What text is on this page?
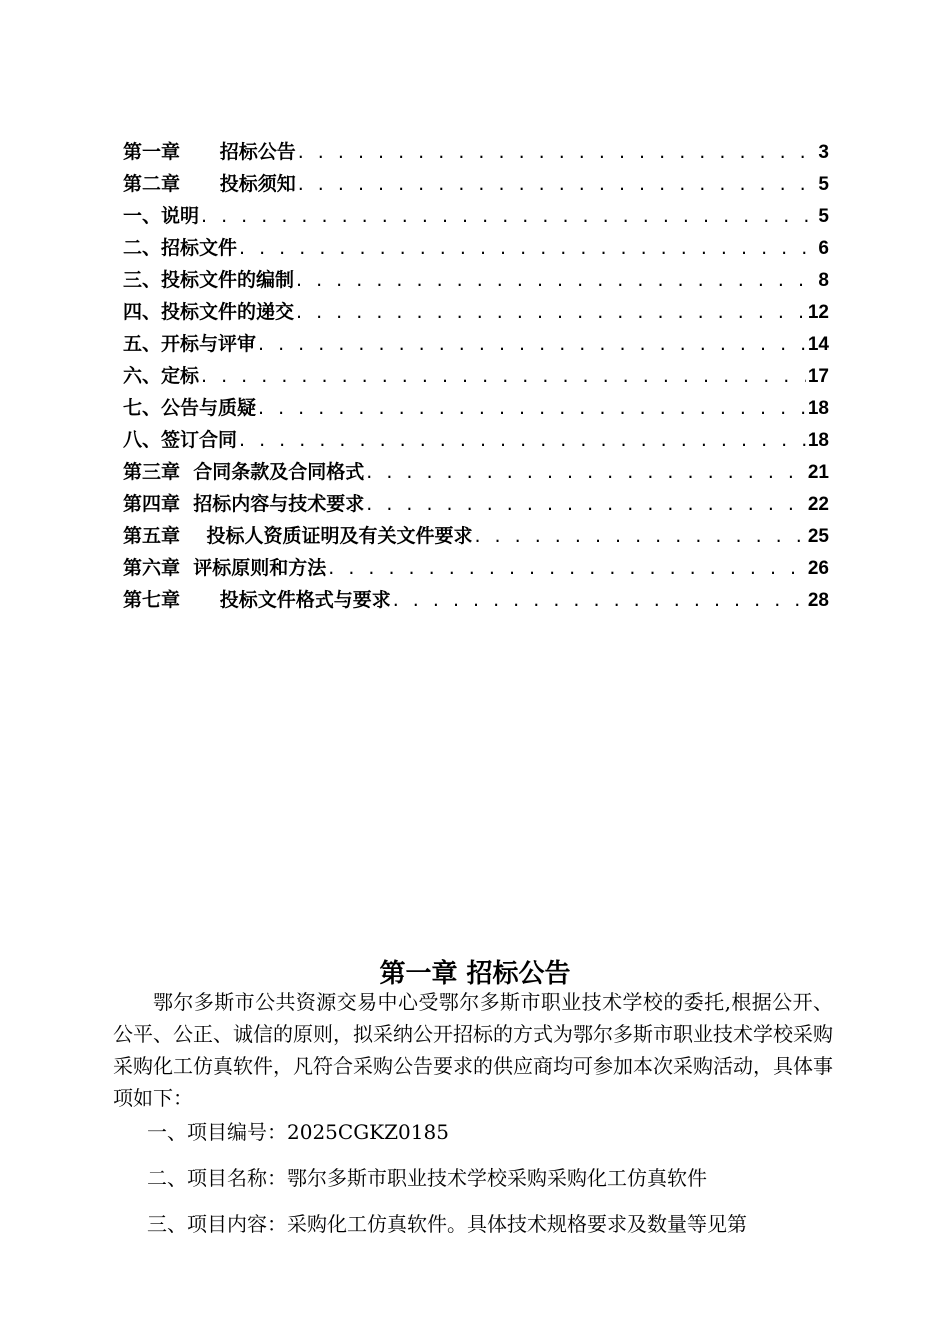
第一章      招标公告 . . .	3
第二章      投标须知 . . .	5
一、说明 . . .	5
二、招标文件 . . .	6
三、投标文件的编制 . . .	8
四、投标文件的递交 . . .	12
五、开标与评审 . . .	14
六、定标 . . .	17
七、公告与质疑 . . .	18
八、签订合同 . . .	18
第三章  合同条款及合同格式 . . .	21
第四章  招标内容与技术要求 . . .	22
第五章    投标人资质证明及有关文件要求 . . .	25
第六章  评标原则和方法 . . .	26
第七章      投标文件格式与要求 . . .	28
第一章 招标公告

鄂尔多斯市公共资源交易中心受鄂尔多斯市职业技术学校的委托,根据公开、公平、公正、诚信的原则，拟采纳公开招标的方式为鄂尔多斯市职业技术学校采购采购化工仿真软件，凡符合采购公告要求的供应商均可参加本次采购活动，具体事项如下：

一、项目编号：2025CGKZ0185

二、项目名称：鄂尔多斯市职业技术学校采购采购化工仿真软件

三、项目内容：采购化工仿真软件。具体技术规格要求及数量等见第
